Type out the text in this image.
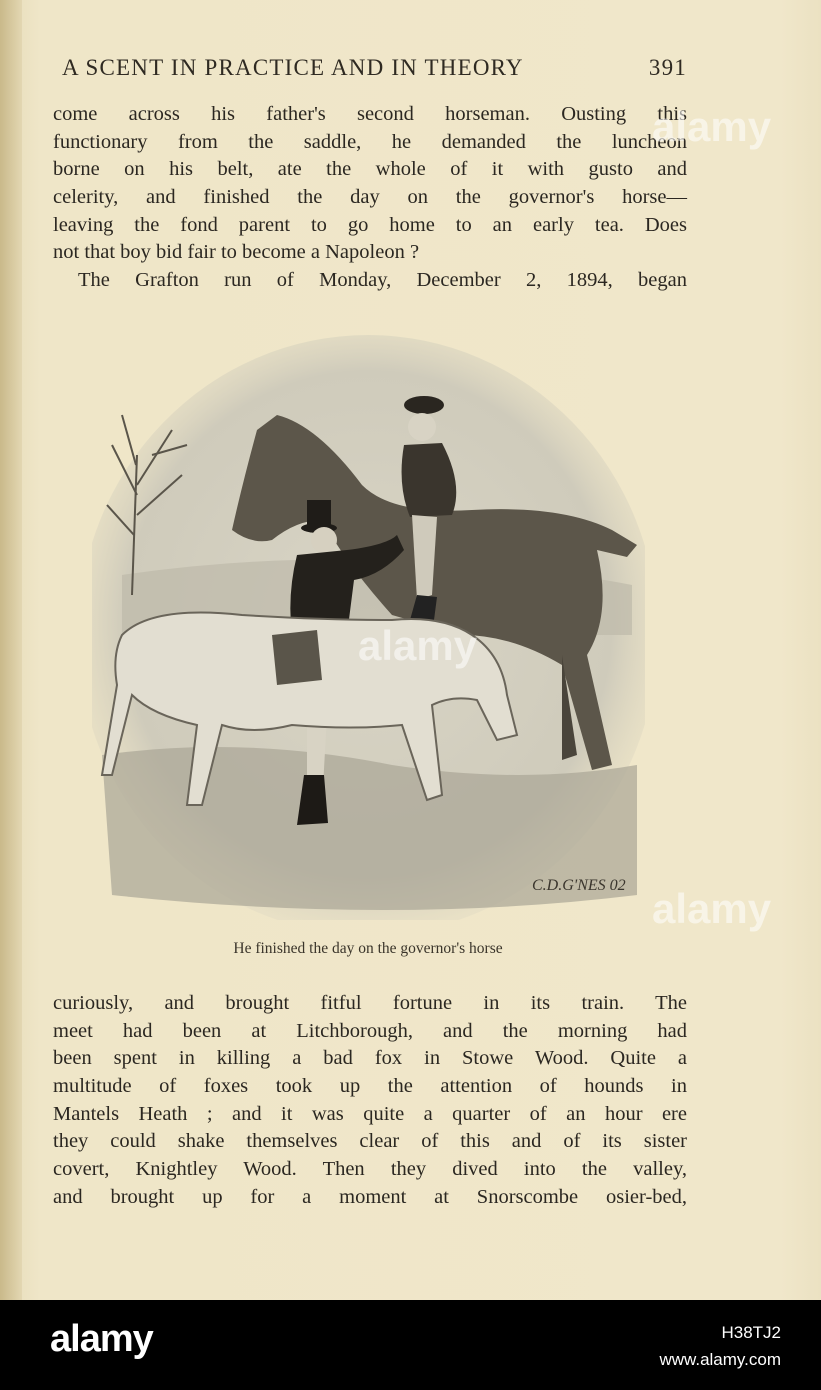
A SCENT IN PRACTICE AND IN THEORY	391
come across his father's second horseman. Ousting this
functionary from the saddle, he demanded the luncheon
borne on his belt, ate the whole of it with gusto and
celerity, and finished the day on the governor's horse—
leaving the fond parent to go home to an early tea. Does
not that boy bid fair to become a Napoleon ?
The Grafton run of Monday, December 2, 1894, began
C.D.G'NES 02
He finished the day on the governor's horse
curiously, and brought fitful fortune in its train. The
meet had been at Litchborough, and the morning had
been spent in killing a bad fox in Stowe Wood. Quite a
multitude of foxes took up the attention of hounds in
Mantels Heath ; and it was quite a quarter of an hour ere
they could shake themselves clear of this and of its sister
covert, Knightley Wood. Then they dived into the valley,
and brought up for a moment at Snorscombe osier-bed,
alamy
alamy
alamy
alamy	H38TJ2
www.alamy.com
